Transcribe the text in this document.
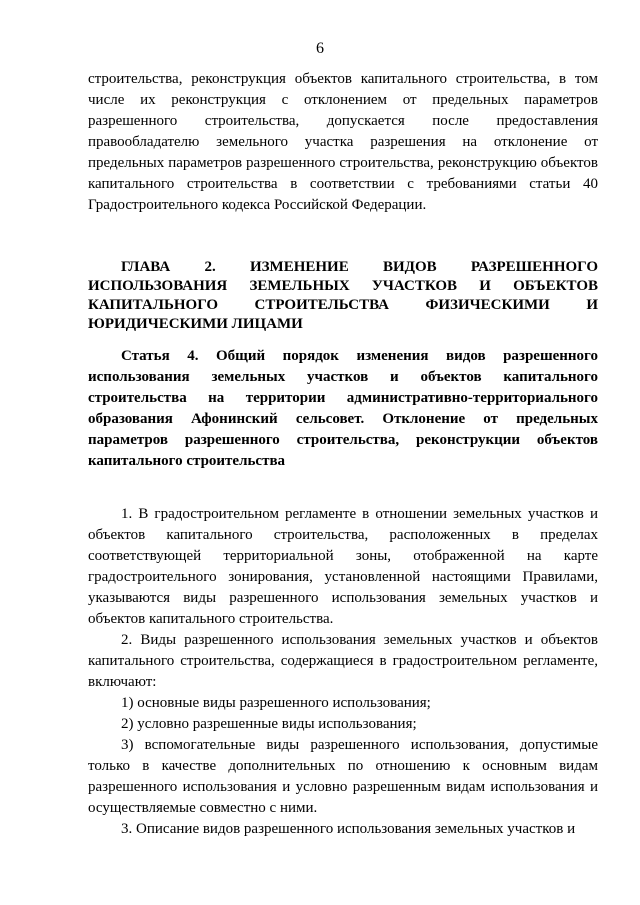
6

строительства, реконструкция объектов капитального строительства, в том числе их реконструкция с отклонением от предельных параметров разрешенного строительства, допускается после предоставления правообладателю земельного участка разрешения на отклонение от предельных параметров разрешенного строительства, реконструкцию объектов капитального строительства в соответствии с требованиями статьи 40 Градостроительного кодекса Российской Федерации.

ГЛАВА 2. ИЗМЕНЕНИЕ ВИДОВ РАЗРЕШЕННОГО ИСПОЛЬЗОВАНИЯ ЗЕМЕЛЬНЫХ УЧАСТКОВ И ОБЪЕКТОВ КАПИТАЛЬНОГО СТРОИТЕЛЬСТВА ФИЗИЧЕСКИМИ И ЮРИДИЧЕСКИМИ ЛИЦАМИ

Статья 4. Общий порядок изменения видов разрешенного использования земельных участков и объектов капитального строительства на территории административно-территориального образования Афонинский сельсовет. Отклонение от предельных параметров разрешенного строительства, реконструкции объектов капитального строительства

1. В градостроительном регламенте в отношении земельных участков и объектов капитального строительства, расположенных в пределах соответствующей территориальной зоны, отображенной на карте градостроительного зонирования, установленной настоящими Правилами, указываются виды разрешенного использования земельных участков и объектов капитального строительства.

2. Виды разрешенного использования земельных участков и объектов капитального строительства, содержащиеся в градостроительном регламенте, включают:

1) основные виды разрешенного использования;

2) условно разрешенные виды использования;

3) вспомогательные виды разрешенного использования, допустимые только в качестве дополнительных по отношению к основным видам разрешенного использования и условно разрешенным видам использования и осуществляемые совместно с ними.

3. Описание видов разрешенного использования земельных участков и
